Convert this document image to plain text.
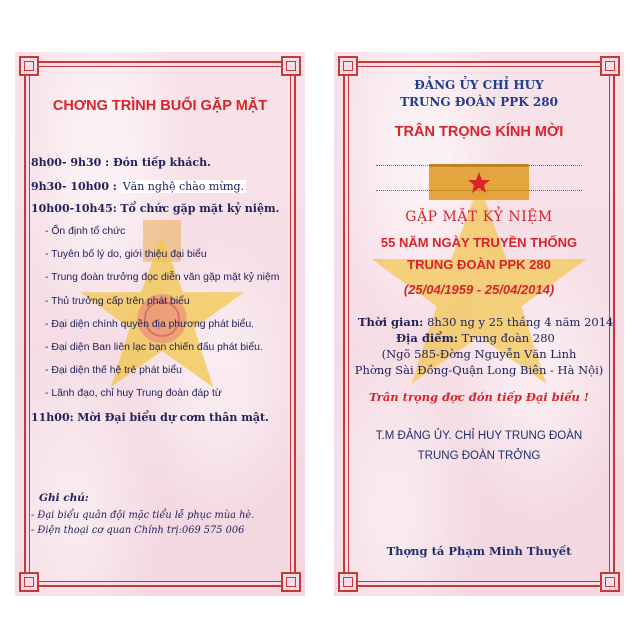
CHƠNG TRÌNH BUỔI GẶP MẶT
8h00- 9h30 : Đón tiếp khách.
9h30- 10h00 : Văn nghệ chào mừng.
10h00-10h45: Tổ chức gặp mặt kỷ niệm.
- Ổn định tổ chức
- Tuyên bố lý do, giới thiệu đại biểu
- Trung đoàn trưởng đọc diễn văn gặp mặt kỷ niệm
- Thủ trưởng cấp trên phát biểu
- Đại diện chính quyền địa phương phát biểu.
- Đại diện Ban liên lạc bạn chiến đấu phát biểu.
- Đại diện thế hệ trẻ phát biểu
- Lãnh đạo, chỉ huy Trung đoàn đáp từ
11h00: Mời Đại biểu dự cơm thân mật.
Ghi chú:
- Đại biểu quân đội mặc tiểu lễ phục mùa hè.
- Điện thoại cơ quan Chính trị:069 575 006
ĐẢNG ỦY CHỈ HUY
TRUNG ĐOÀN PPK 280
TRÂN TRỌNG KÍNH MỜI
GẶP MẶT KỶ NIỆM
55 NĂM NGÀY TRUYỀN THỐNG
TRUNG ĐOÀN PPK 280
(25/04/1959 - 25/04/2014)
Thời gian: 8h30 ng y 25 tháng 4 năm 2014
Địa điểm: Trung đoàn 280
(Ngõ 585-Đờng Nguyễn Văn Linh
Phờng Sài Đồng-Quận Long Biên - Hà Nội)
Trân trọng đợc đón tiếp Đại biểu !
T.M ĐẢNG ỦY. CHỈ HUY TRUNG ĐOÀN
TRUNG ĐOÀN TRỞNG
Thợng tá Phạm Minh Thuyết
